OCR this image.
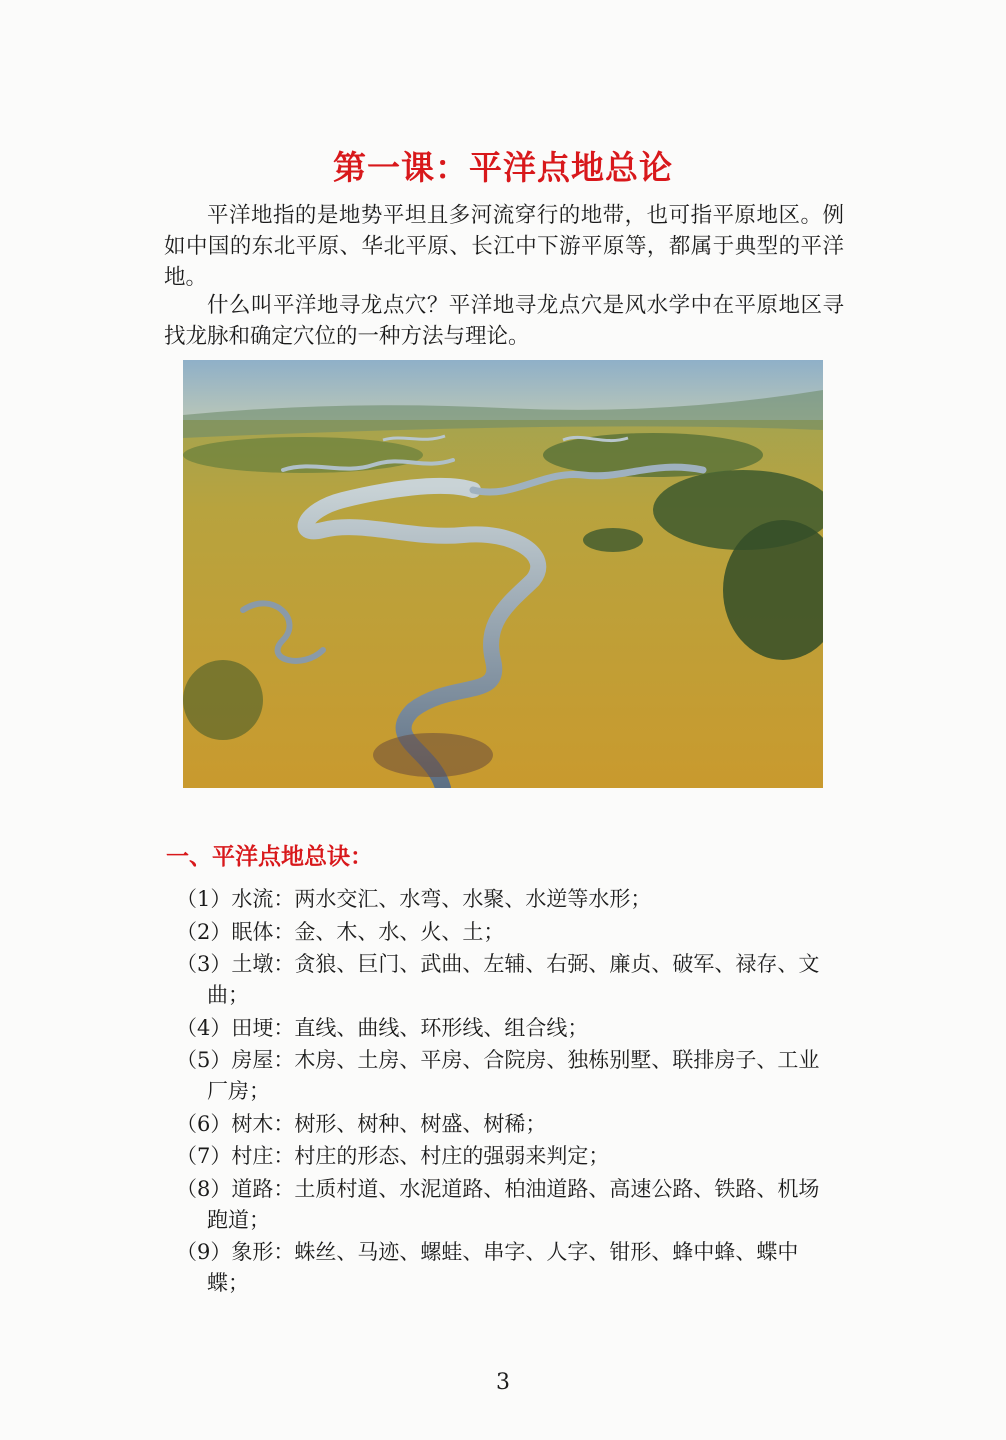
第一课：平洋点地总论

平洋地指的是地势平坦且多河流穿行的地带，也可指平原地区。例如中国的东北平原、华北平原、长江中下游平原等，都属于典型的平洋地。

什么叫平洋地寻龙点穴？平洋地寻龙点穴是风水学中在平原地区寻找龙脉和确定穴位的一种方法与理论。

一、平洋点地总诀：
（1）水流：两水交汇、水弯、水聚、水逆等水形；
（2）眠体：金、木、水、火、土；
（3）土墩：贪狼、巨门、武曲、左辅、右弼、廉贞、破军、禄存、文曲；
（4）田埂：直线、曲线、环形线、组合线；
（5）房屋：木房、土房、平房、合院房、独栋别墅、联排房子、工业厂房；
（6）树木：树形、树种、树盛、树稀；
（7）村庄：村庄的形态、村庄的强弱来判定；
（8）道路：土质村道、水泥道路、柏油道路、高速公路、铁路、机场跑道；
（9）象形：蛛丝、马迹、螺蛙、串字、人字、钳形、蜂中蜂、蝶中蝶；
3
